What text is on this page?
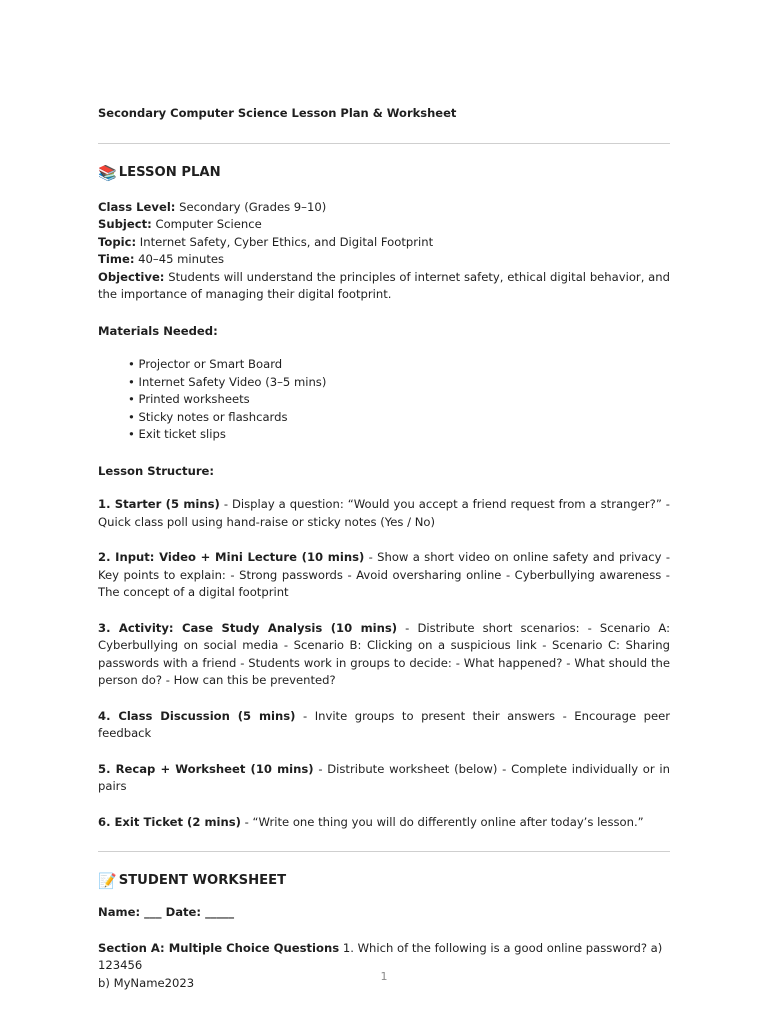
Secondary Computer Science Lesson Plan & Worksheet

📚 LESSON PLAN

Class Level: Secondary (Grades 9–10)

Subject: Computer Science

Topic: Internet Safety, Cyber Ethics, and Digital Footprint

Time: 40–45 minutes

Objective: Students will understand the principles of internet safety, ethical digital behavior, and the importance of managing their digital footprint.

Materials Needed:
• Projector or Smart Board
• Internet Safety Video (3–5 mins)
• Printed worksheets
• Sticky notes or flashcards
• Exit ticket slips
Lesson Structure:
1. Starter (5 mins) - Display a question: “Would you accept a friend request from a stranger?” - Quick class poll using hand-raise or sticky notes (Yes / No)
2. Input: Video + Mini Lecture (10 mins) - Show a short video on online safety and privacy - Key points to explain: - Strong passwords - Avoid oversharing online - Cyberbullying awareness - The concept of a digital footprint
3. Activity: Case Study Analysis (10 mins) - Distribute short scenarios: - Scenario A: Cyberbullying on social media - Scenario B: Clicking on a suspicious link - Scenario C: Sharing passwords with a friend - Students work in groups to decide: - What happened? - What should the person do? - How can this be prevented?
4. Class Discussion (5 mins) - Invite groups to present their answers - Encourage peer feedback
5. Recap + Worksheet (10 mins) - Distribute worksheet (below) - Complete individually or in pairs
6. Exit Ticket (2 mins) - “Write one thing you will do differently online after today’s lesson.”
📝 STUDENT WORKSHEET
Name: ___ Date: _____
Section A: Multiple Choice Questions 1. Which of the following is a good online password? a) 123456
b) MyName2023	1
